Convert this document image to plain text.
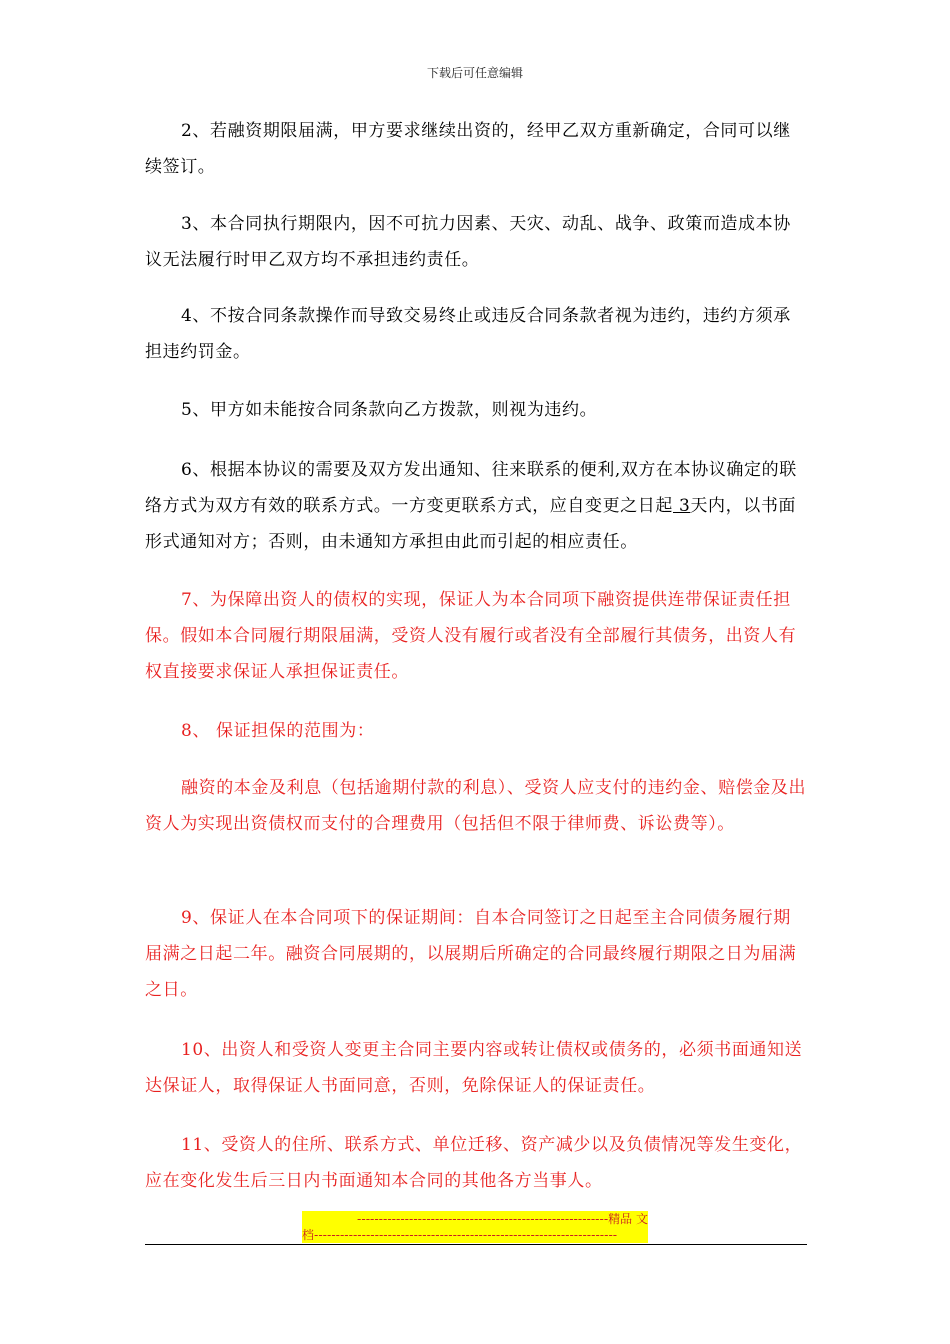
下载后可任意编辑

2、若融资期限届满，甲方要求继续出资的，经甲乙双方重新确定，合同可以继续签订。

3、本合同执行期限内，因不可抗力因素、天灾、动乱、战争、政策而造成本协议无法履行时甲乙双方均不承担违约责任。

4、不按合同条款操作而导致交易终止或违反合同条款者视为违约，违约方须承担违约罚金。

5、甲方如未能按合同条款向乙方拨款，则视为违约。

6、根据本协议的需要及双方发出通知、往来联系的便利,双方在本协议确定的联络方式为双方有效的联系方式。一方变更联系方式，应自变更之日起 3天内，以书面形式通知对方；否则，由未通知方承担由此而引起的相应责任。

7、为保障出资人的债权的实现，保证人为本合同项下融资提供连带保证责任担保。假如本合同履行期限届满，受资人没有履行或者没有全部履行其债务，出资人有权直接要求保证人承担保证责任。

8、 保证担保的范围为：

融资的本金及利息（包括逾期付款的利息）、受资人应支付的违约金、赔偿金及出资人为实现出资债权而支付的合理费用（包括但不限于律师费、诉讼费等）。

9、保证人在本合同项下的保证期间：自本合同签订之日起至主合同债务履行期届满之日起二年。融资合同展期的，以展期后所确定的合同最终履行期限之日为届满之日。

10、出资人和受资人变更主合同主要内容或转让债权或债务的，必须书面通知送达保证人，取得保证人书面同意，否则，免除保证人的保证责任。

11、受资人的住所、联系方式、单位迁移、资产减少以及负债情况等发生变化，应在变化发生后三日内书面通知本合同的其他各方当事人。

----------------------------------------------------------精品 文
档----------------------------------------------------------------------
